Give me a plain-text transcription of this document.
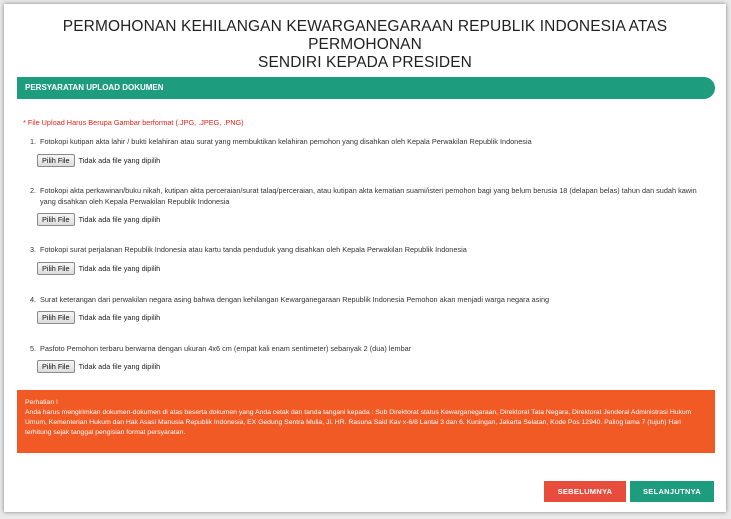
PERMOHONAN KEHILANGAN KEWARGANEGARAAN REPUBLIK INDONESIA ATAS PERMOHONAN
SENDIRI KEPADA PRESIDEN
PERSYARATAN UPLOAD DOKUMEN
* File Upload Harus Berupa Gambar berformat (.JPG, .JPEG, .PNG)
1. Fotokopi kutipan akta lahir / bukti kelahiran atau surat yang membuktikan kelahiran pemohon yang disahkan oleh Kepala Perwakilan Republik Indonesia
Pilih File	Tidak ada file yang dipilih
2. Fotokopi akta perkawinan/buku nikah, kutipan akta perceraian/surat talaq/perceraian, atau kutipan akta kematian suami/isteri pemohon bagi yang belum berusia 18 (delapan belas) tahun dan sudah kawin yang disahkan oleh Kepala Perwakilan Republik Indonesia
Pilih File	Tidak ada file yang dipilih
3. Fotokopi surat perjalanan Republik Indonesia atau kartu tanda penduduk yang disahkan oleh Kepala Perwakilan Republik Indonesia
Pilih File	Tidak ada file yang dipilih
4. Surat keterangan dari perwakilan negara asing bahwa dengan kehilangan Kewarganegaraan Republik Indonesia Pemohon akan menjadi warga negara asing
Pilih File	Tidak ada file yang dipilih
5. Pasfoto Pemohon terbaru berwarna dengan ukuran 4x6 cm (empat kali enam sentimeter) sebanyak 2 (dua) lembar
Pilih File	Tidak ada file yang dipilih
Perhatian !
Anda harus mengirimkan dokumen-dokumen di atas beserta dokumen yang Anda cetak dan tanda tangani kepada : Sub Direktorat status Kewarganegaraan, Direktorat Tata Negara, Direktorat Jenderal Administrasi Hukum Umum, Kementerian Hukum dan Hak Asasi Manusia Republik Indonesia, EX Gedung Sentra Mulia, Jl. HR. Rasuna Said Kav x-6/8 Lantai 3 dan 6. Kuningan, Jakarta Selatan, Kode Pos 12940. Paling lama 7 (tujuh) Hari terhitung sejak tanggal pengisian format persyaratan.
SEBELUMNYA	SELANJUTNYA
